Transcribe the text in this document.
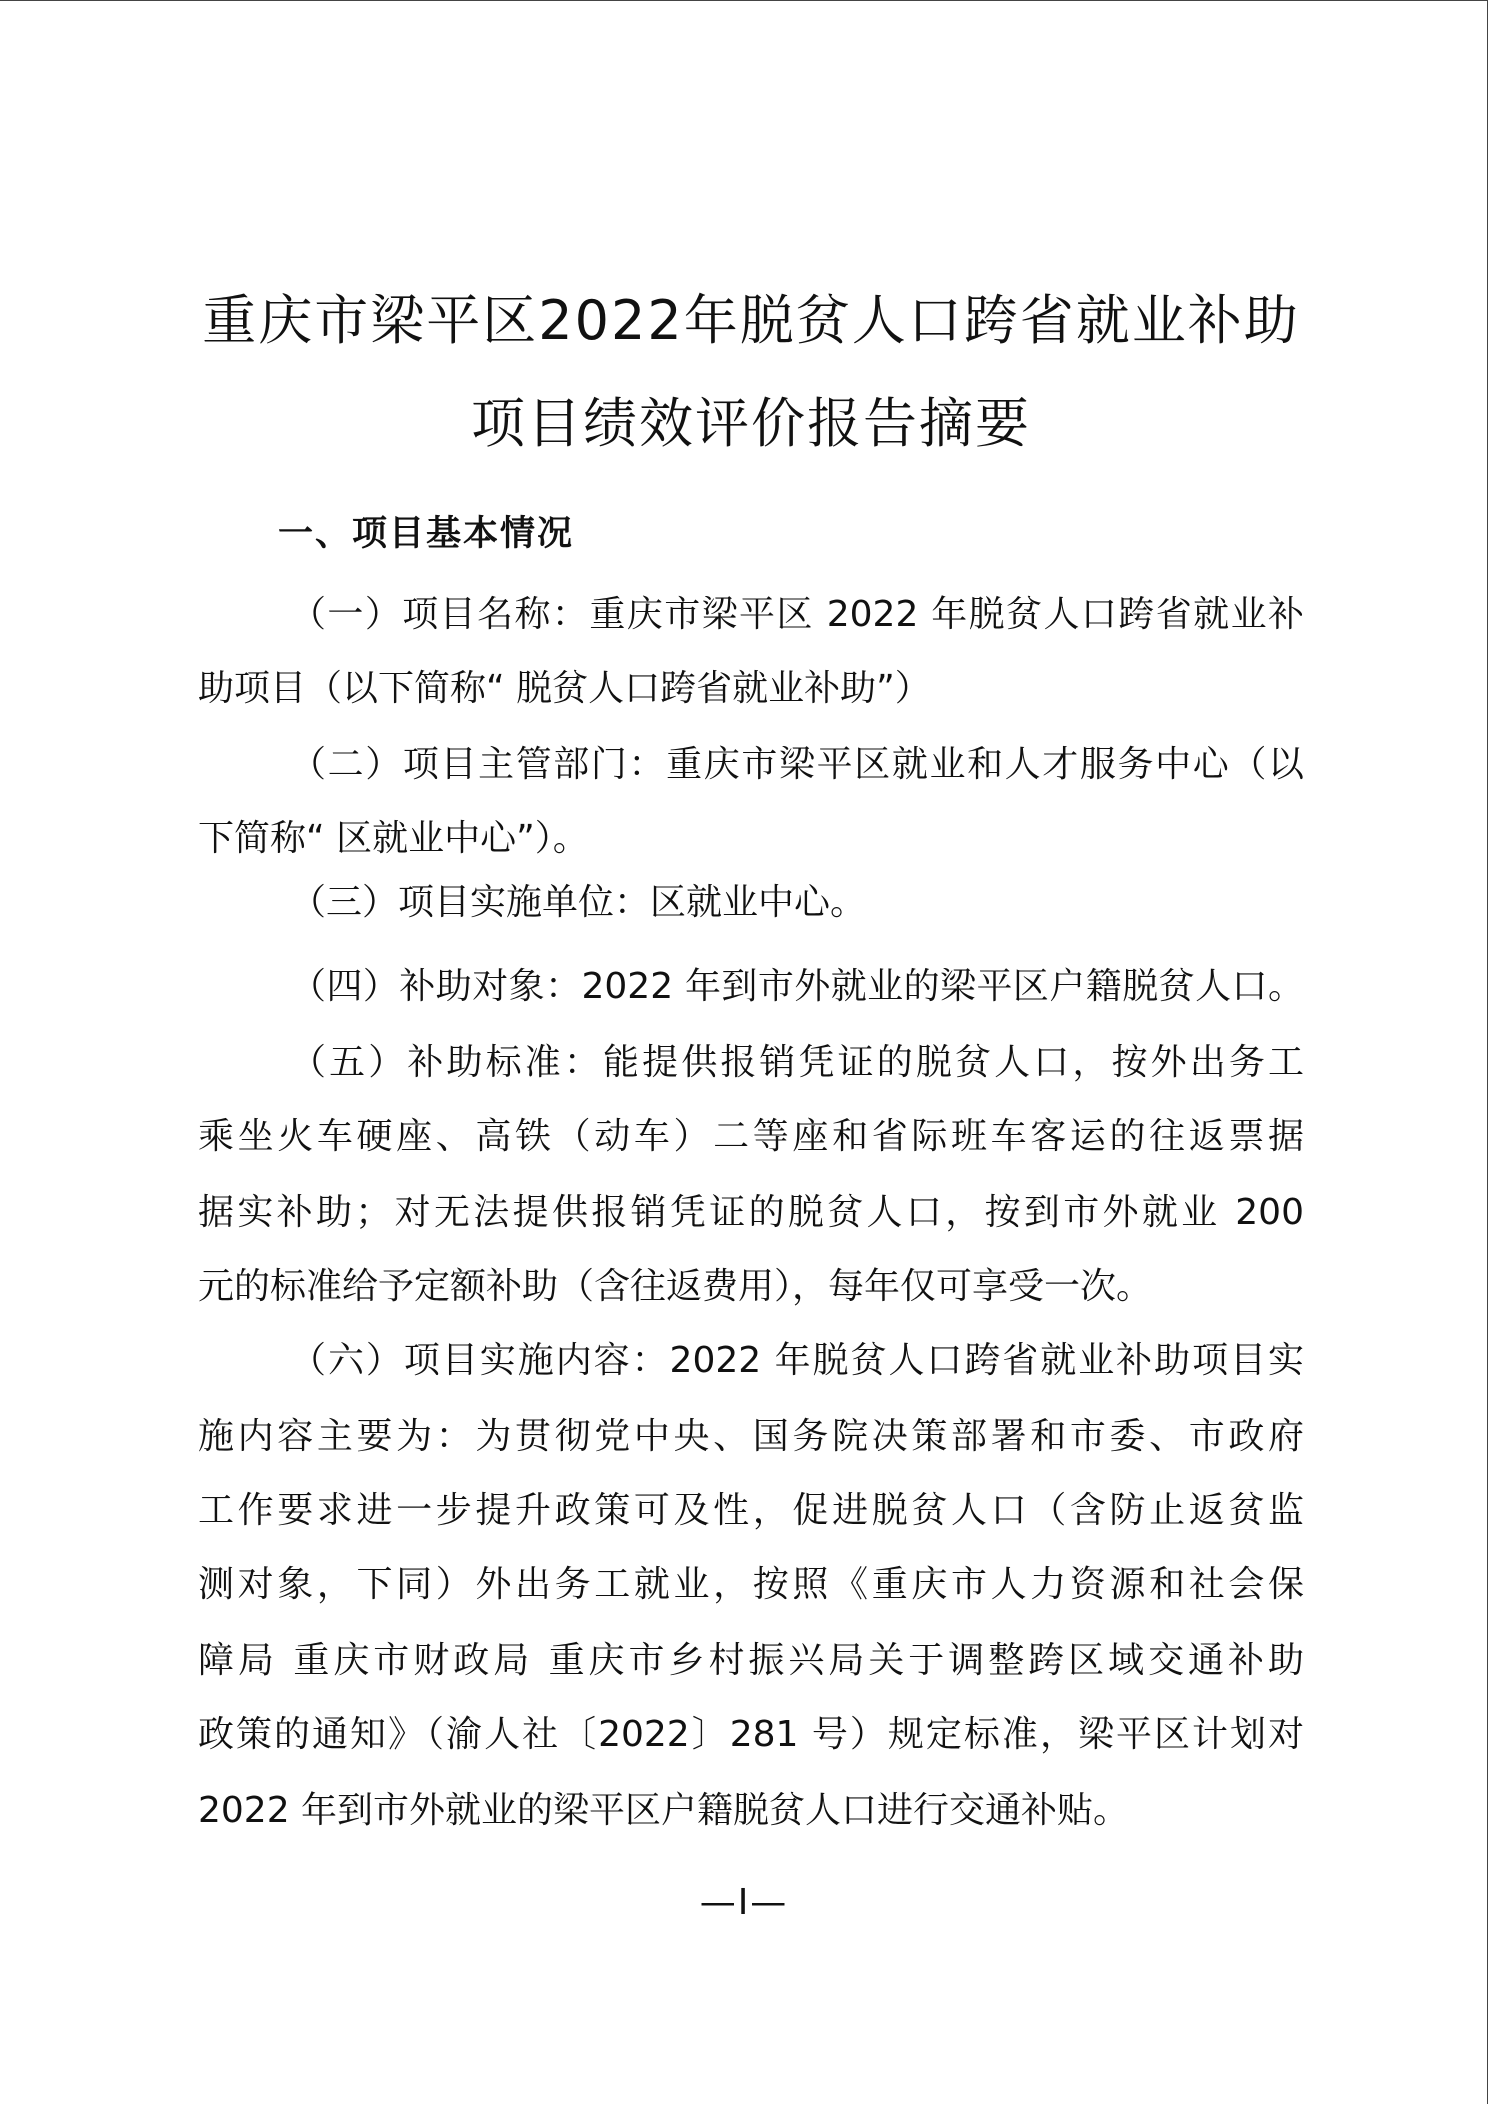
重庆市梁平区2022年脱贫人口跨省就业补助
项目绩效评价报告摘要
一、项目基本情况

（一）项目名称：重庆市梁平区 2022 年脱贫人口跨省就业补

助项目（以下简称“ 脱贫人口跨省就业补助”）

（二）项目主管部门：重庆市梁平区就业和人才服务中心（以

下简称“ 区就业中心”）。

（三）项目实施单位：区就业中心。

（四）补助对象：2022 年到市外就业的梁平区户籍脱贫人口。

（五）补助标准：能提供报销凭证的脱贫人口，按外出务工

乘坐火车硬座、高铁（动车）二等座和省际班车客运的往返票据

据实补助；对无法提供报销凭证的脱贫人口，按到市外就业 200

元的标准给予定额补助（含往返费用），每年仅可享受一次。

（六）项目实施内容：2022 年脱贫人口跨省就业补助项目实

施内容主要为：为贯彻党中央、国务院决策部署和市委、市政府

工作要求进一步提升政策可及性，促进脱贫人口（含防止返贫监

测对象，下同）外出务工就业，按照《重庆市人力资源和社会保

障局 重庆市财政局 重庆市乡村振兴局关于调整跨区域交通补助

政策的通知》（渝人社〔2022〕281 号）规定标准，梁平区计划对

2022 年到市外就业的梁平区户籍脱贫人口进行交通补贴。

—I—
